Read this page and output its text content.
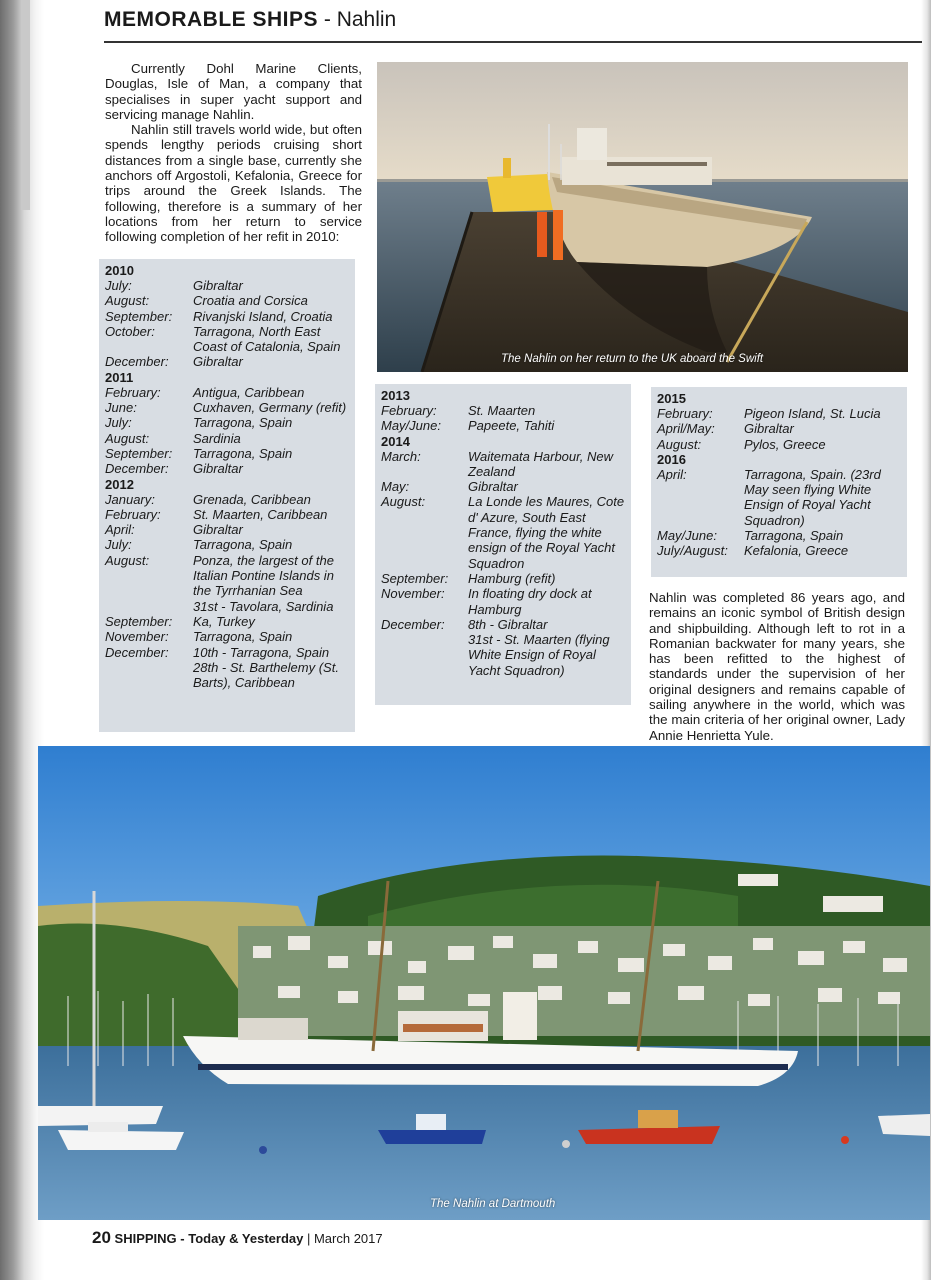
MEMORABLE SHIPS - Nahlin

Currently Dohl Marine Clients, Douglas, Isle of Man, a company that specialises in super yacht support and servicing manage Nahlin.

Nahlin still travels world wide, but often spends lengthy periods cruising short distances from a single base, currently she anchors off Argostoli, Kefalonia, Greece for trips around the Greek Islands. The following, therefore is a summary of her locations from her return to service following completion of her refit in 2010:

The Nahlin on her return to the UK aboard the Swift
2010
July:	Gibraltar
August:	Croatia and Corsica
September:	Rivanjski Island, Croatia
October:	Tarragona, North East Coast of Catalonia, Spain
December:	Gibraltar
2011
February:	Antigua, Caribbean
June:	Cuxhaven, Germany (refit)
July:	Tarragona, Spain
August:	Sardinia
September:	Tarragona, Spain
December:	Gibraltar
2012
January:	Grenada, Caribbean
February:	St. Maarten, Caribbean
April:	Gibraltar
July:	Tarragona, Spain
August:	Ponza, the largest of the Italian Pontine Islands in the Tyrrhanian Sea
31st - Tavolara, Sardinia
September:	Ka, Turkey
November:	Tarragona, Spain
December:	10th - Tarragona, Spain
28th - St. Barthelemy (St. Barts), Caribbean
2013
February:	St. Maarten
May/June:	Papeete, Tahiti
2014
March:	Waitemata Harbour, New Zealand
May:	Gibraltar
August:	La Londe les Maures, Cote d' Azure, South East France, flying the white ensign of the Royal Yacht Squadron
September:	Hamburg (refit)
November:	In floating dry dock at Hamburg
December:	8th - Gibraltar
31st - St. Maarten (flying White Ensign of Royal Yacht Squadron)
2015
February:	Pigeon Island, St. Lucia
April/May:	Gibraltar
August:	Pylos, Greece
2016
April:	Tarragona, Spain. (23rd May seen flying White Ensign of Royal Yacht Squadron)
May/June:	Tarragona, Spain
July/August:	Kefalonia, Greece

Nahlin was completed 86 years ago, and remains an iconic symbol of British design and shipbuilding. Although left to rot in a Romanian backwater for many years, she has been refitted to the highest of standards under the supervision of her original designers and remains capable of sailing anywhere in the world, which was the main criteria of her original owner, Lady Annie Henrietta Yule.

The Nahlin at Dartmouth
20 SHIPPING - Today & Yesterday | March 2017
